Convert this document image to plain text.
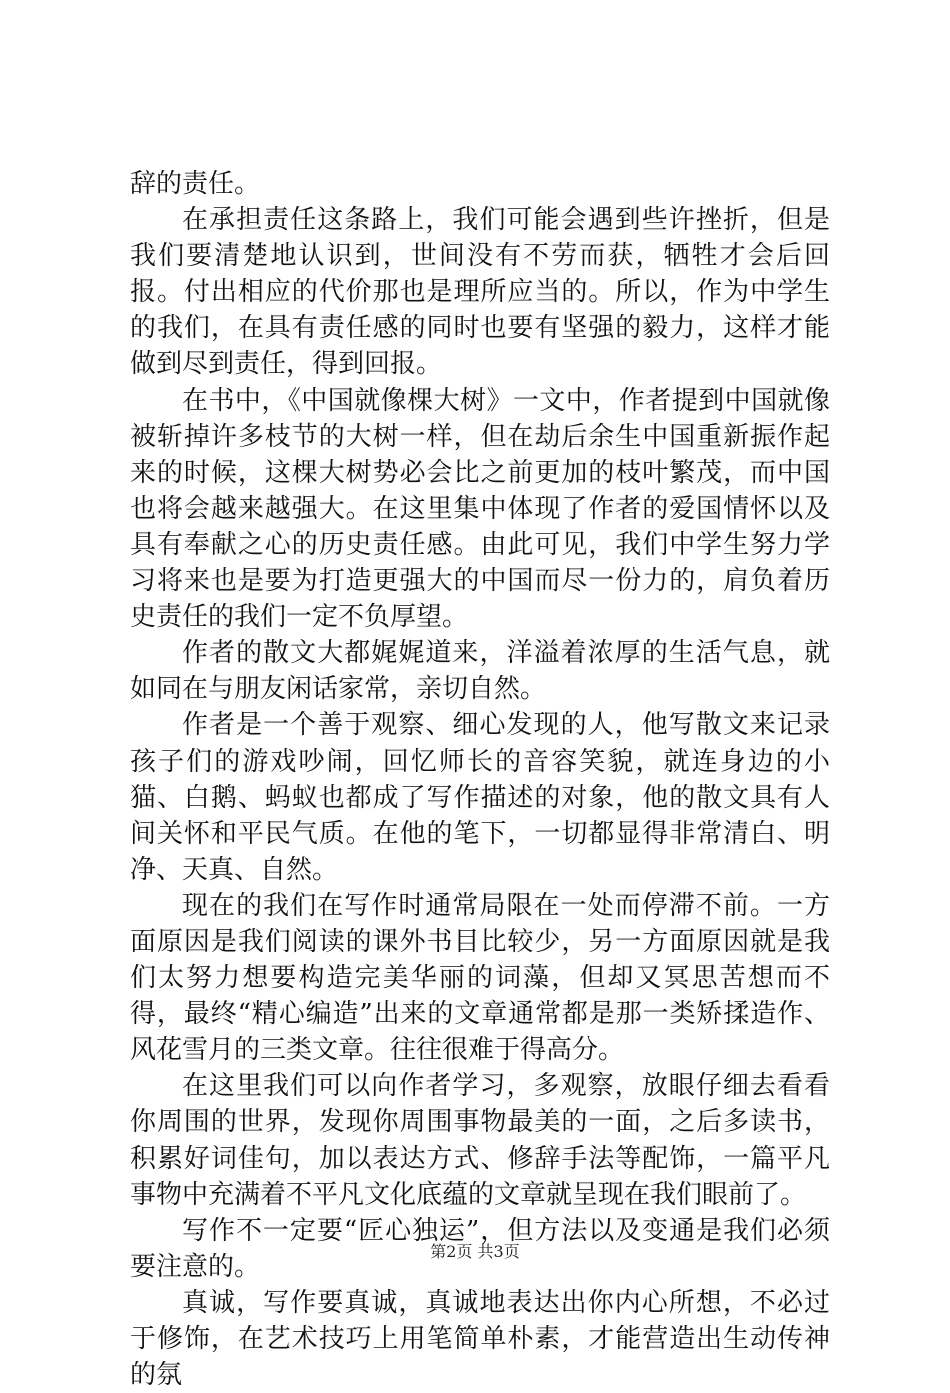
辞的责任。

在承担责任这条路上，我们可能会遇到些许挫折，但是我们要清楚地认识到，世间没有不劳而获，牺牲才会后回报。付出相应的代价那也是理所应当的。所以，作为中学生的我们，在具有责任感的同时也要有坚强的毅力，这样才能做到尽到责任，得到回报。

在书中，《中国就像棵大树》一文中，作者提到中国就像被斩掉许多枝节的大树一样，但在劫后余生中国重新振作起来的时候，这棵大树势必会比之前更加的枝叶繁茂，而中国也将会越来越强大。在这里集中体现了作者的爱国情怀以及具有奉献之心的历史责任感。由此可见，我们中学生努力学习将来也是要为打造更强大的中国而尽一份力的，肩负着历史责任的我们一定不负厚望。

作者的散文大都娓娓道来，洋溢着浓厚的生活气息，就如同在与朋友闲话家常，亲切自然。

作者是一个善于观察、细心发现的人，他写散文来记录孩子们的游戏吵闹，回忆师长的音容笑貌，就连身边的小猫、白鹅、蚂蚁也都成了写作描述的对象，他的散文具有人间关怀和平民气质。在他的笔下，一切都显得非常清白、明净、天真、自然。

现在的我们在写作时通常局限在一处而停滞不前。一方面原因是我们阅读的课外书目比较少，另一方面原因就是我们太努力想要构造完美华丽的词藻，但却又冥思苦想而不得，最终“精心编造”出来的文章通常都是那一类矫揉造作、风花雪月的三类文章。往往很难于得高分。

在这里我们可以向作者学习，多观察，放眼仔细去看看你周围的世界，发现你周围事物最美的一面，之后多读书，积累好词佳句，加以表达方式、修辞手法等配饰，一篇平凡事物中充满着不平凡文化底蕴的文章就呈现在我们眼前了。

写作不一定要“匠心独运”，但方法以及变通是我们必须要注意的。

真诚，写作要真诚，真诚地表达出你内心所想，不必过于修饰，在艺术技巧上用笔简单朴素，才能营造出生动传神的氛

第2页 共3页
